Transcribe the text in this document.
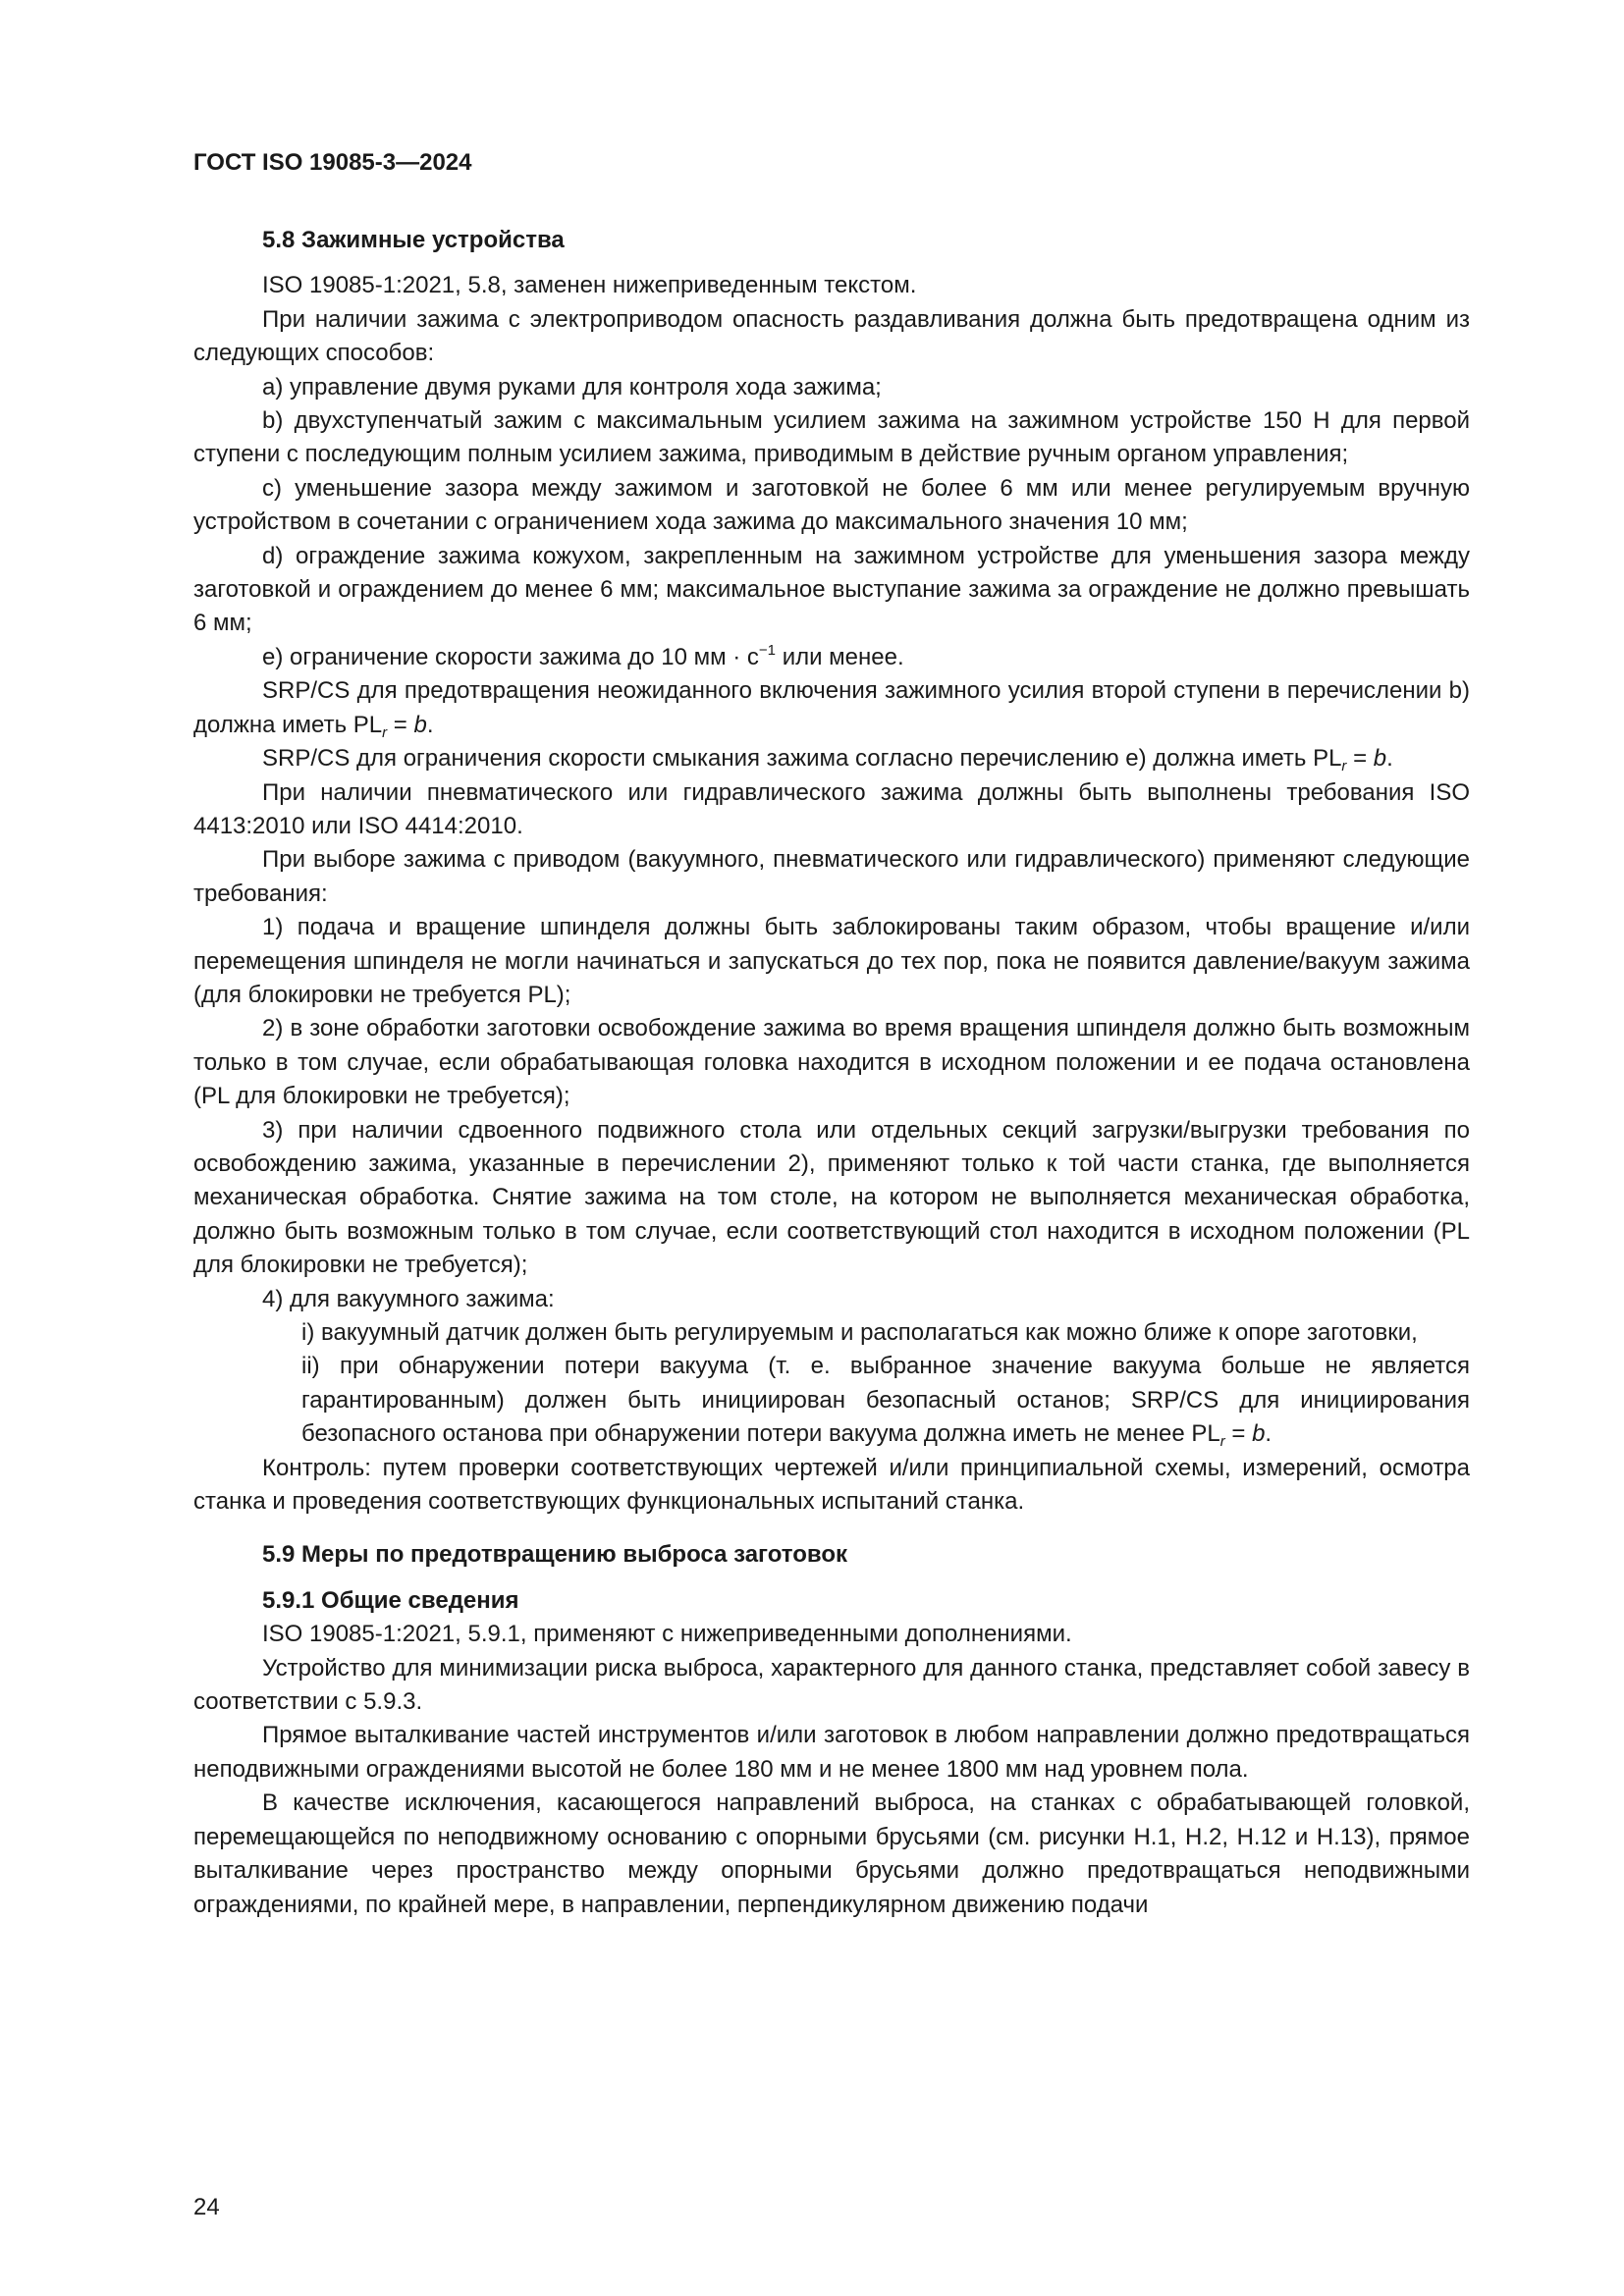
ГОСТ ISO 19085-3—2024

5.8 Зажимные устройства

ISO 19085-1:2021, 5.8, заменен нижеприведенным текстом.

При наличии зажима с электроприводом опасность раздавливания должна быть предотвращена одним из следующих способов:

a) управление двумя руками для контроля хода зажима;

b) двухступенчатый зажим с максимальным усилием зажима на зажимном устройстве 150 Н для первой ступени с последующим полным усилием зажима, приводимым в действие ручным органом управления;

c) уменьшение зазора между зажимом и заготовкой не более 6 мм или менее регулируемым вручную устройством в сочетании с ограничением хода зажима до максимального значения 10 мм;

d) ограждение зажима кожухом, закрепленным на зажимном устройстве для уменьшения зазора между заготовкой и ограждением до менее 6 мм; максимальное выступание зажима за ограждение не должно превышать 6 мм;

e) ограничение скорости зажима до 10 мм · $с^{-1}$ или менее.

SRP/CS для предотвращения неожиданного включения зажимного усилия второй ступени в перечислении b) должна иметь $PL_r = b$.

SRP/CS для ограничения скорости смыкания зажима согласно перечислению e) должна иметь $PL_r = b$.

При наличии пневматического или гидравлического зажима должны быть выполнены требования ISO 4413:2010 или ISO 4414:2010.

При выборе зажима с приводом (вакуумного, пневматического или гидравлического) применяют следующие требования:

1) подача и вращение шпинделя должны быть заблокированы таким образом, чтобы вращение и/или перемещения шпинделя не могли начинаться и запускаться до тех пор, пока не появится давление/вакуум зажима (для блокировки не требуется PL);

2) в зоне обработки заготовки освобождение зажима во время вращения шпинделя должно быть возможным только в том случае, если обрабатывающая головка находится в исходном положении и ее подача остановлена (PL для блокировки не требуется);

3) при наличии сдвоенного подвижного стола или отдельных секций загрузки/выгрузки требования по освобождению зажима, указанные в перечислении 2), применяют только к той части станка, где выполняется механическая обработка. Снятие зажима на том столе, на котором не выполняется механическая обработка, должно быть возможным только в том случае, если соответствующий стол находится в исходном положении (PL для блокировки не требуется);

4) для вакуумного зажима:

i) вакуумный датчик должен быть регулируемым и располагаться как можно ближе к опоре заготовки,

ii) при обнаружении потери вакуума (т. е. выбранное значение вакуума больше не является гарантированным) должен быть инициирован безопасный останов; SRP/CS для инициирования безопасного останова при обнаружении потери вакуума должна иметь не менее $PL_r = b$.

Контроль: путем проверки соответствующих чертежей и/или принципиальной схемы, измерений, осмотра станка и проведения соответствующих функциональных испытаний станка.

5.9 Меры по предотвращению выброса заготовок

5.9.1 Общие сведения

ISO 19085-1:2021, 5.9.1, применяют с нижеприведенными дополнениями.

Устройство для минимизации риска выброса, характерного для данного станка, представляет собой завесу в соответствии с 5.9.3.

Прямое выталкивание частей инструментов и/или заготовок в любом направлении должно предотвращаться неподвижными ограждениями высотой не более 180 мм и не менее 1800 мм над уровнем пола.

В качестве исключения, касающегося направлений выброса, на станках с обрабатывающей головкой, перемещающейся по неподвижному основанию с опорными брусьями (см. рисунки H.1, H.2, H.12 и H.13), прямое выталкивание через пространство между опорными брусьями должно предотвращаться неподвижными ограждениями, по крайней мере, в направлении, перпендикулярном движению подачи

24
